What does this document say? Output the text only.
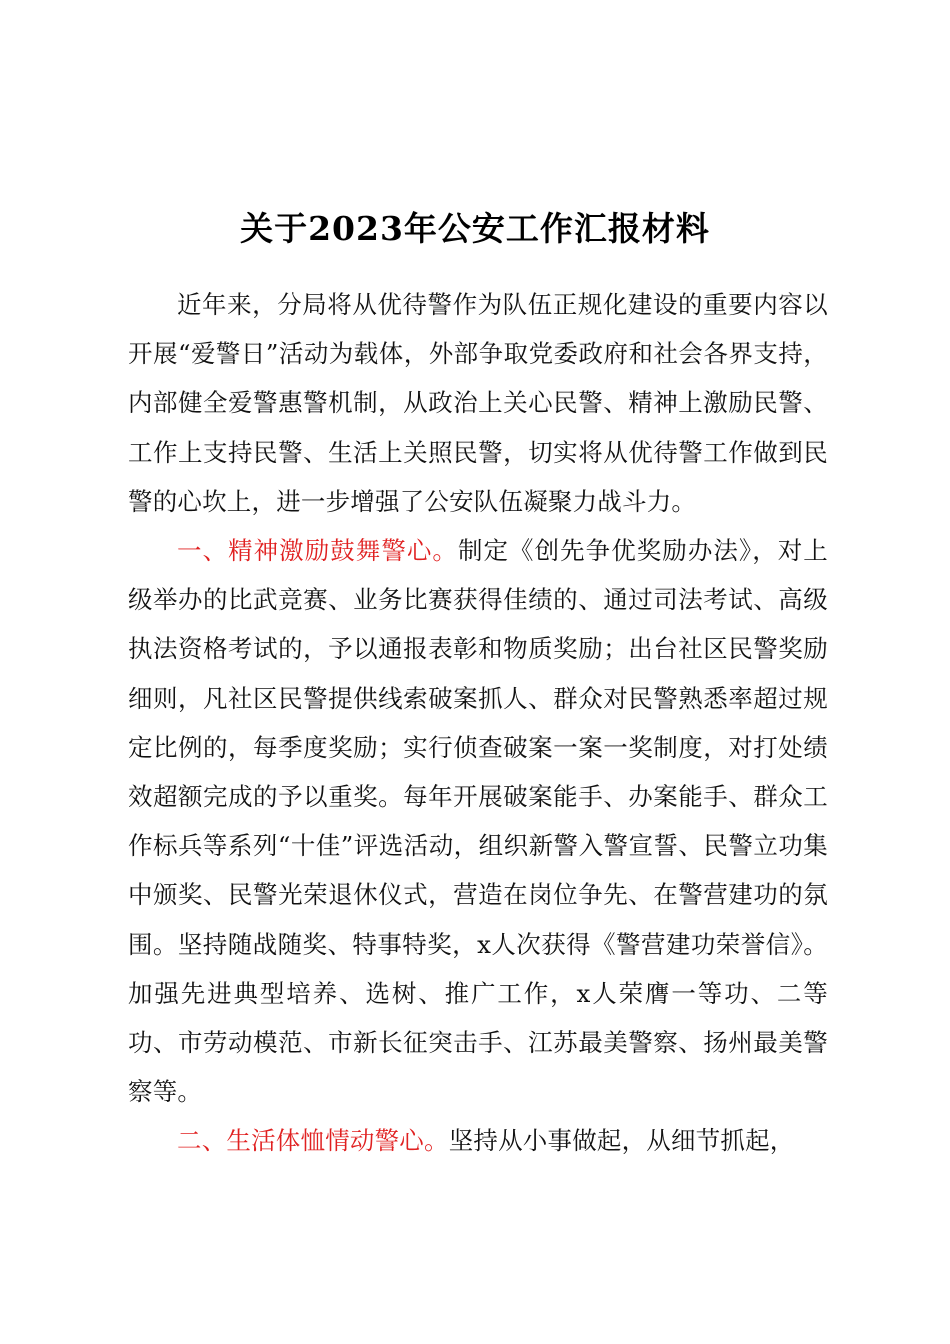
关于2023年公安工作汇报材料

近年来，分局将从优待警作为队伍正规化建设的重要内容以开展“爱警日”活动为载体，外部争取党委政府和社会各界支持，内部健全爱警惠警机制，从政治上关心民警、精神上激励民警、工作上支持民警、生活上关照民警，切实将从优待警工作做到民警的心坎上，进一步增强了公安队伍凝聚力战斗力。

一、精神激励鼓舞警心。制定《创先争优奖励办法》，对上级举办的比武竞赛、业务比赛获得佳绩的、通过司法考试、高级执法资格考试的，予以通报表彰和物质奖励；出台社区民警奖励细则，凡社区民警提供线索破案抓人、群众对民警熟悉率超过规定比例的，每季度奖励；实行侦查破案一案一奖制度，对打处绩效超额完成的予以重奖。每年开展破案能手、办案能手、群众工作标兵等系列“十佳”评选活动，组织新警入警宣誓、民警立功集中颁奖、民警光荣退休仪式，营造在岗位争先、在警营建功的氛围。坚持随战随奖、特事特奖，x人次获得《警营建功荣誉信》。加强先进典型培养、选树、推广工作，x人荣膺一等功、二等功、市劳动模范、市新长征突击手、江苏最美警察、扬州最美警察等。

二、生活体恤情动警心。坚持从小事做起，从细节抓起，
